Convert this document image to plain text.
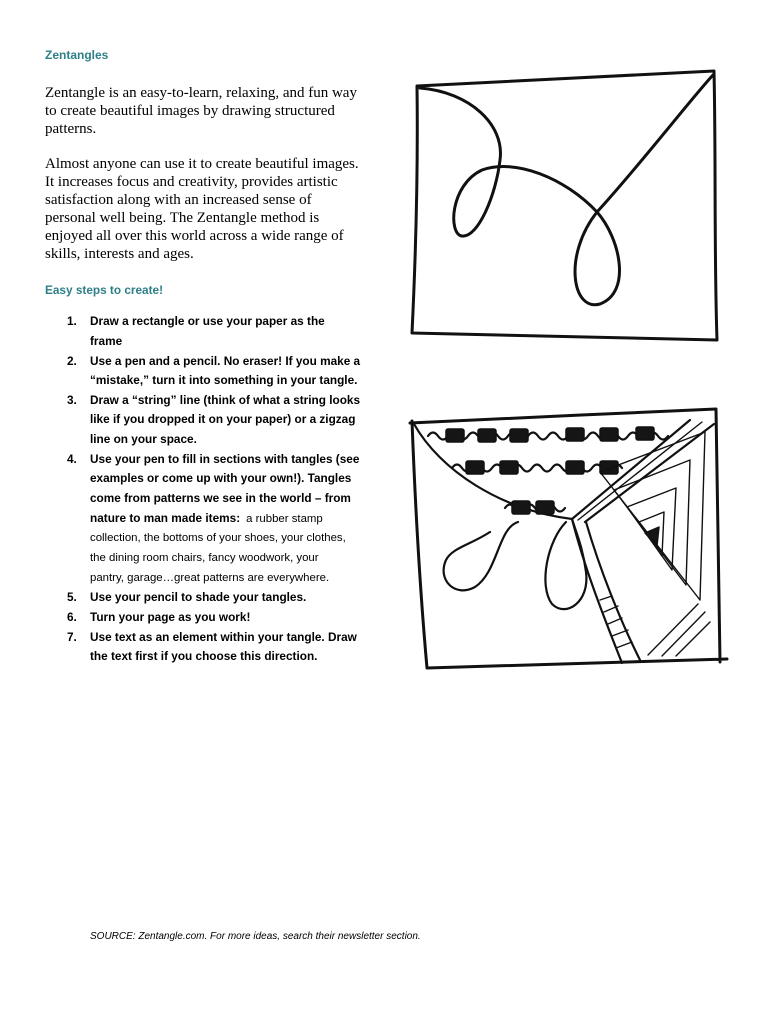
Zentangles

Zentangle is an easy-to-learn, relaxing, and fun way to create beautiful images by drawing structured patterns.

Almost anyone can use it to create beautiful images. It increases focus and creativity, provides artistic satisfaction along with an increased sense of personal well being. The Zentangle method is enjoyed all over this world across a wide range of skills, interests and ages.

Easy steps to create!
1. Draw a rectangle or use your paper as the
frame
2. Use a pen and a pencil. No eraser! If you make a
“mistake,” turn it into something in your tangle.
3. Draw a “string” line (think of what a string looks
like if you dropped it on your paper) or a zigzag
line on your space.
4. Use your pen to fill in sections with tangles (see
examples or come up with your own!). Tangles
come from patterns we see in the world – from
nature to man made items: a rubber stamp
collection, the bottoms of your shoes, your clothes,
the dining room chairs, fancy woodwork, your
pantry, garage…great patterns are everywhere.
5. Use your pencil to shade your tangles.
6. Turn your page as you work!
7. Use text as an element within your tangle. Draw
the text first if you choose this direction.
SOURCE: Zentangle.com. For more ideas, search their newsletter section.
